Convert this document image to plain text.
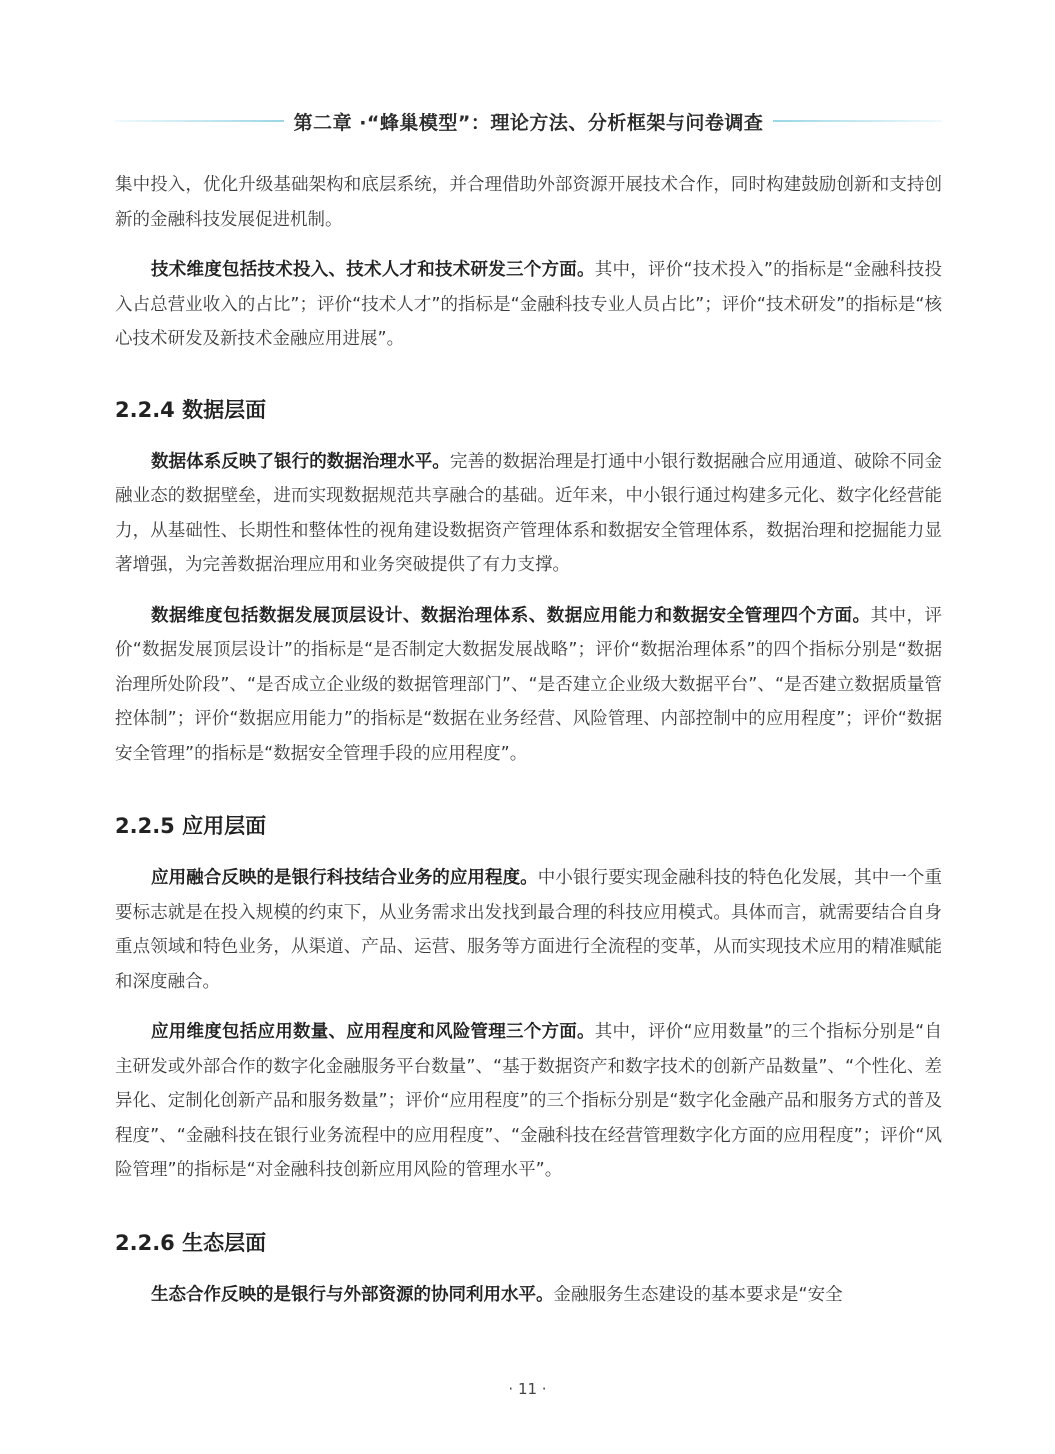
第二章 ·“蜂巢模型”：理论方法、分析框架与问卷调查

集中投入，优化升级基础架构和底层系统，并合理借助外部资源开展技术合作，同时构建鼓励创新和支持创新的金融科技发展促进机制。

技术维度包括技术投入、技术人才和技术研发三个方面。其中，评价“技术投入”的指标是“金融科技投入占总营业收入的占比”；评价“技术人才”的指标是“金融科技专业人员占比”；评价“技术研发”的指标是“核心技术研发及新技术金融应用进展”。

2.2.4 数据层面

数据体系反映了银行的数据治理水平。完善的数据治理是打通中小银行数据融合应用通道、破除不同金融业态的数据壁垒，进而实现数据规范共享融合的基础。近年来，中小银行通过构建多元化、数字化经营能力，从基础性、长期性和整体性的视角建设数据资产管理体系和数据安全管理体系，数据治理和挖掘能力显著增强，为完善数据治理应用和业务突破提供了有力支撑。

数据维度包括数据发展顶层设计、数据治理体系、数据应用能力和数据安全管理四个方面。其中，评价“数据发展顶层设计”的指标是“是否制定大数据发展战略”；评价“数据治理体系”的四个指标分别是“数据治理所处阶段”、“是否成立企业级的数据管理部门”、“是否建立企业级大数据平台”、“是否建立数据质量管控体制”；评价“数据应用能力”的指标是“数据在业务经营、风险管理、内部控制中的应用程度”；评价“数据安全管理”的指标是“数据安全管理手段的应用程度”。

2.2.5 应用层面

应用融合反映的是银行科技结合业务的应用程度。中小银行要实现金融科技的特色化发展，其中一个重要标志就是在投入规模的约束下，从业务需求出发找到最合理的科技应用模式。具体而言，就需要结合自身重点领域和特色业务，从渠道、产品、运营、服务等方面进行全流程的变革，从而实现技术应用的精准赋能和深度融合。

应用维度包括应用数量、应用程度和风险管理三个方面。其中，评价“应用数量”的三个指标分别是“自主研发或外部合作的数字化金融服务平台数量”、“基于数据资产和数字技术的创新产品数量”、“个性化、差异化、定制化创新产品和服务数量”；评价“应用程度”的三个指标分别是“数字化金融产品和服务方式的普及程度”、“金融科技在银行业务流程中的应用程度”、“金融科技在经营管理数字化方面的应用程度”；评价“风险管理”的指标是“对金融科技创新应用风险的管理水平”。

2.2.6 生态层面

生态合作反映的是银行与外部资源的协同利用水平。金融服务生态建设的基本要求是“安全

· 11 ·
